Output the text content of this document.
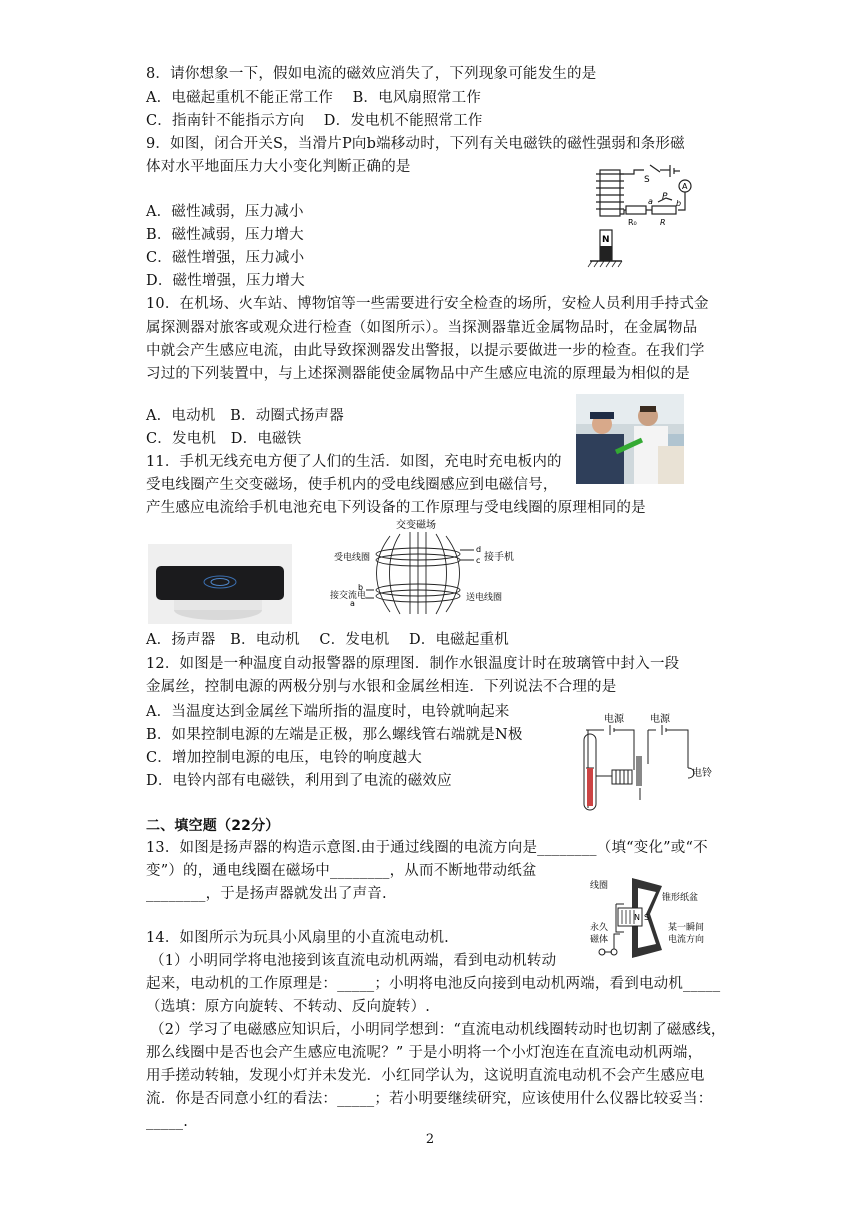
8．请你想象一下，假如电流的磁效应消失了，下列现象可能发生的是
A．电磁起重机不能正常工作　 B．电风扇照常工作
C．指南针不能指示方向　 D．发电机不能照常工作
9．如图，闭合开关S，当滑片P向b端移动时，下列有关电磁铁的磁性强弱和条形磁
体对水平地面压力大小变化判断正确的是
A．磁性减弱，压力减小
B．磁性减弱，压力增大
C．磁性增强，压力减小
D．磁性增强，压力增大
S
A
P
a	b
R₀	R
N
10．在机场、火车站、博物馆等一些需要进行安全检查的场所，安检人员利用手持式金
属探测器对旅客或观众进行检查（如图所示）。当探测器靠近金属物品时，在金属物品
中就会产生感应电流，由此导致探测器发出警报，以提示要做进一步的检查。在我们学
习过的下列装置中，与上述探测器能使金属物品中产生感应电流的原理最为相似的是
A．电动机　B．动圈式扬声器
C．发电机　D．电磁铁
11．手机无线充电方便了人们的生活．如图，充电时充电板内的
受电线圈产生交变磁场，使手机内的受电线圈感应到电磁信号，
产生感应电流给手机电池充电下列设备的工作原理与受电线圈的原理相同的是
交变磁场
受电线圈
d
c 接手机
b
a
接交流电	送电线圈
A．扬声器　B．电动机　 C．发电机　 D．电磁起重机
12．如图是一种温度自动报警器的原理图．制作水银温度计时在玻璃管中封入一段
金属丝，控制电源的两极分别与水银和金属丝相连．下列说法不合理的是
A．当温度达到金属丝下端所指的温度时，电铃就响起来
B．如果控制电源的左端是正极，那么螺线管右端就是N极
C．增加控制电源的电压，电铃的响度越大
D．电铃内部有电磁铁，利用到了电流的磁效应
电源	电源
电铃
二、填空题（22分）
13．如图是扬声器的构造示意图.由于通过线圈的电流方向是________（填“变化”或“不
变”）的，通电线圈在磁场中________，从而不断地带动纸盆
________，于是扬声器就发出了声音.	线圈
锥形纸盆
永久
磁体
某一瞬间
电流方向
N S
14．如图所示为玩具小风扇里的小直流电动机.
（1）小明同学将电池接到该直流电动机两端，看到电动机转动
起来，电动机的工作原理是：_____；小明将电池反向接到电动机两端，看到电动机_____
（选填：原方向旋转、不转动、反向旋转）.
（2）学习了电磁感应知识后，小明同学想到：“直流电动机线圈转动时也切割了磁感线，
那么线圈中是否也会产生感应电流呢？” 于是小明将一个小灯泡连在直流电动机两端，
用手搓动转轴，发现小灯并未发光．小红同学认为，这说明直流电动机不会产生感应电
流．你是否同意小红的看法：_____；若小明要继续研究，应该使用什么仪器比较妥当：
_____.
2
